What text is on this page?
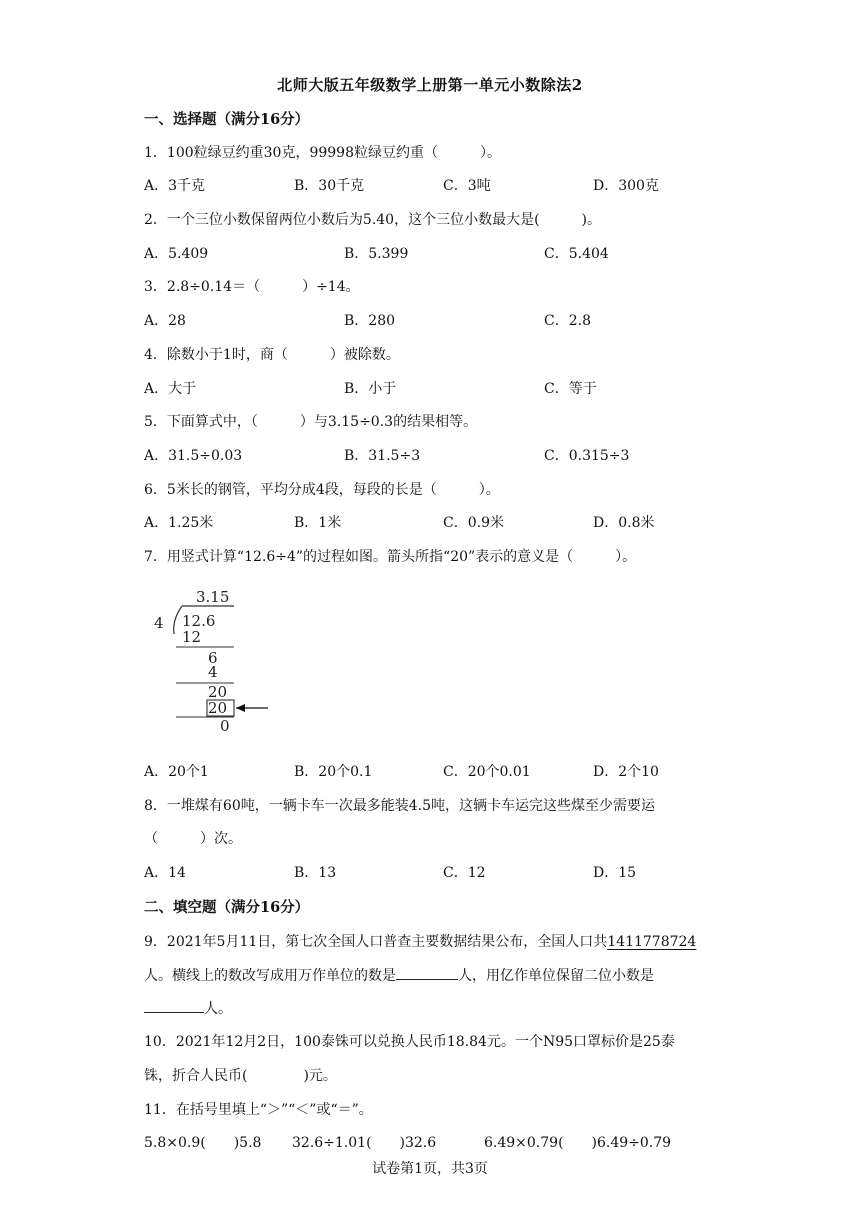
北师大版五年级数学上册第一单元小数除法2
一、选择题（满分16分）
1．100粒绿豆约重30克，99998粒绿豆约重（　　　）。
A．3千克	B．30千克	C．3吨	D．300克
2．一个三位小数保留两位小数后为5.40，这个三位小数最大是(　　　)。
A．5.409	B．5.399	C．5.404
3．2.8÷0.14＝（　　　）÷14。
A．28	B．280	C．2.8
4．除数小于1时，商（　　　）被除数。
A．大于	B．小于	C．等于
5．下面算式中，（　　　）与3.15÷0.3的结果相等。
A．31.5÷0.03	B．31.5÷3	C．0.315÷3
6．5米长的钢管，平均分成4段，每段的长是（　　　）。
A．1.25米	B．1米	C．0.9米	D．0.8米
7．用竖式计算“12.6÷4”的过程如图。箭头所指“20”表示的意义是（　　　）。
3.15
4 12.6
12
6
4
20
20
0
A．20个1	B．20个0.1	C．20个0.01	D．2个10
8．一堆煤有60吨，一辆卡车一次最多能装4.5吨，这辆卡车运完这些煤至少需要运
（　　　）次。
A．14	B．13	C．12	D．15
二、填空题（满分16分）
9．2021年5月11日，第七次全国人口普查主要数据结果公布，全国人口共1411778724
人。横线上的数改写成用万作单位的数是	人，用亿作单位保留二位小数是
人。
10．2021年12月2日，100泰铢可以兑换人民币18.84元。一个N95口罩标价是25泰
铢，折合人民币(　　　　)元。
11．在括号里填上“＞”“＜”或“＝”。
5.8×0.9(　　)5.8 32.6÷1.01(　　)32.6	6.49×0.79(　　)6.49÷0.79
试卷第1页，共3页
